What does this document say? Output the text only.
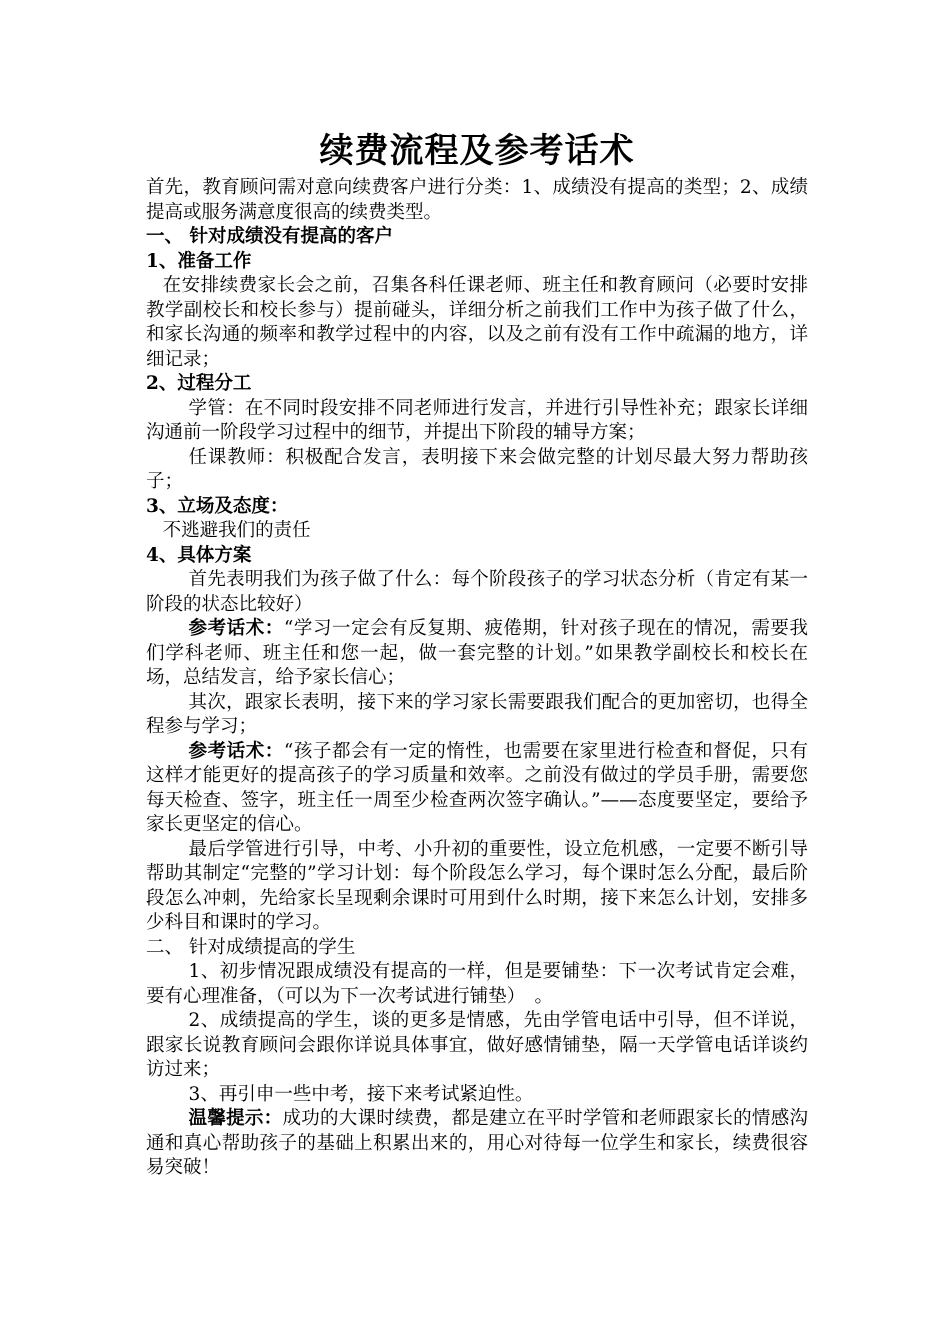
续费流程及参考话术

首先，教育顾问需对意向续费客户进行分类：1、成绩没有提高的类型；2、成绩提高或服务满意度很高的续费类型。

一、 针对成绩没有提高的客户

1、准备工作

在安排续费家长会之前，召集各科任课老师、班主任和教育顾问（必要时安排教学副校长和校长参与）提前碰头，详细分析之前我们工作中为孩子做了什么，和家长沟通的频率和教学过程中的内容，以及之前有没有工作中疏漏的地方，详细记录；

2、过程分工

学管：在不同时段安排不同老师进行发言，并进行引导性补充；跟家长详细沟通前一阶段学习过程中的细节，并提出下阶段的辅导方案；

任课教师：积极配合发言，表明接下来会做完整的计划尽最大努力帮助孩子；

3、立场及态度：

不逃避我们的责任

4、具体方案

首先表明我们为孩子做了什么：每个阶段孩子的学习状态分析（肯定有某一阶段的状态比较好）

参考话术：“学习一定会有反复期、疲倦期，针对孩子现在的情况，需要我们学科老师、班主任和您一起，做一套完整的计划。”如果教学副校长和校长在场，总结发言，给予家长信心；

其次，跟家长表明，接下来的学习家长需要跟我们配合的更加密切，也得全程参与学习；

参考话术：“孩子都会有一定的惰性，也需要在家里进行检查和督促，只有这样才能更好的提高孩子的学习质量和效率。之前没有做过的学员手册，需要您每天检查、签字，班主任一周至少检查两次签字确认。”——态度要坚定，要给予家长更坚定的信心。

最后学管进行引导，中考、小升初的重要性，设立危机感，一定要不断引导帮助其制定“完整的”学习计划：每个阶段怎么学习，每个课时怎么分配，最后阶段怎么冲刺，先给家长呈现剩余课时可用到什么时期，接下来怎么计划，安排多少科目和课时的学习。

二、 针对成绩提高的学生

1、初步情况跟成绩没有提高的一样，但是要铺垫：下一次考试肯定会难，要有心理准备，（可以为下一次考试进行铺垫）　。

2、成绩提高的学生，谈的更多是情感，先由学管电话中引导，但不详说，跟家长说教育顾问会跟你详说具体事宜，做好感情铺垫，隔一天学管电话详谈约访过来；

3、再引申一些中考，接下来考试紧迫性。

温馨提示：成功的大课时续费，都是建立在平时学管和老师跟家长的情感沟通和真心帮助孩子的基础上积累出来的，用心对待每一位学生和家长，续费很容易突破！
